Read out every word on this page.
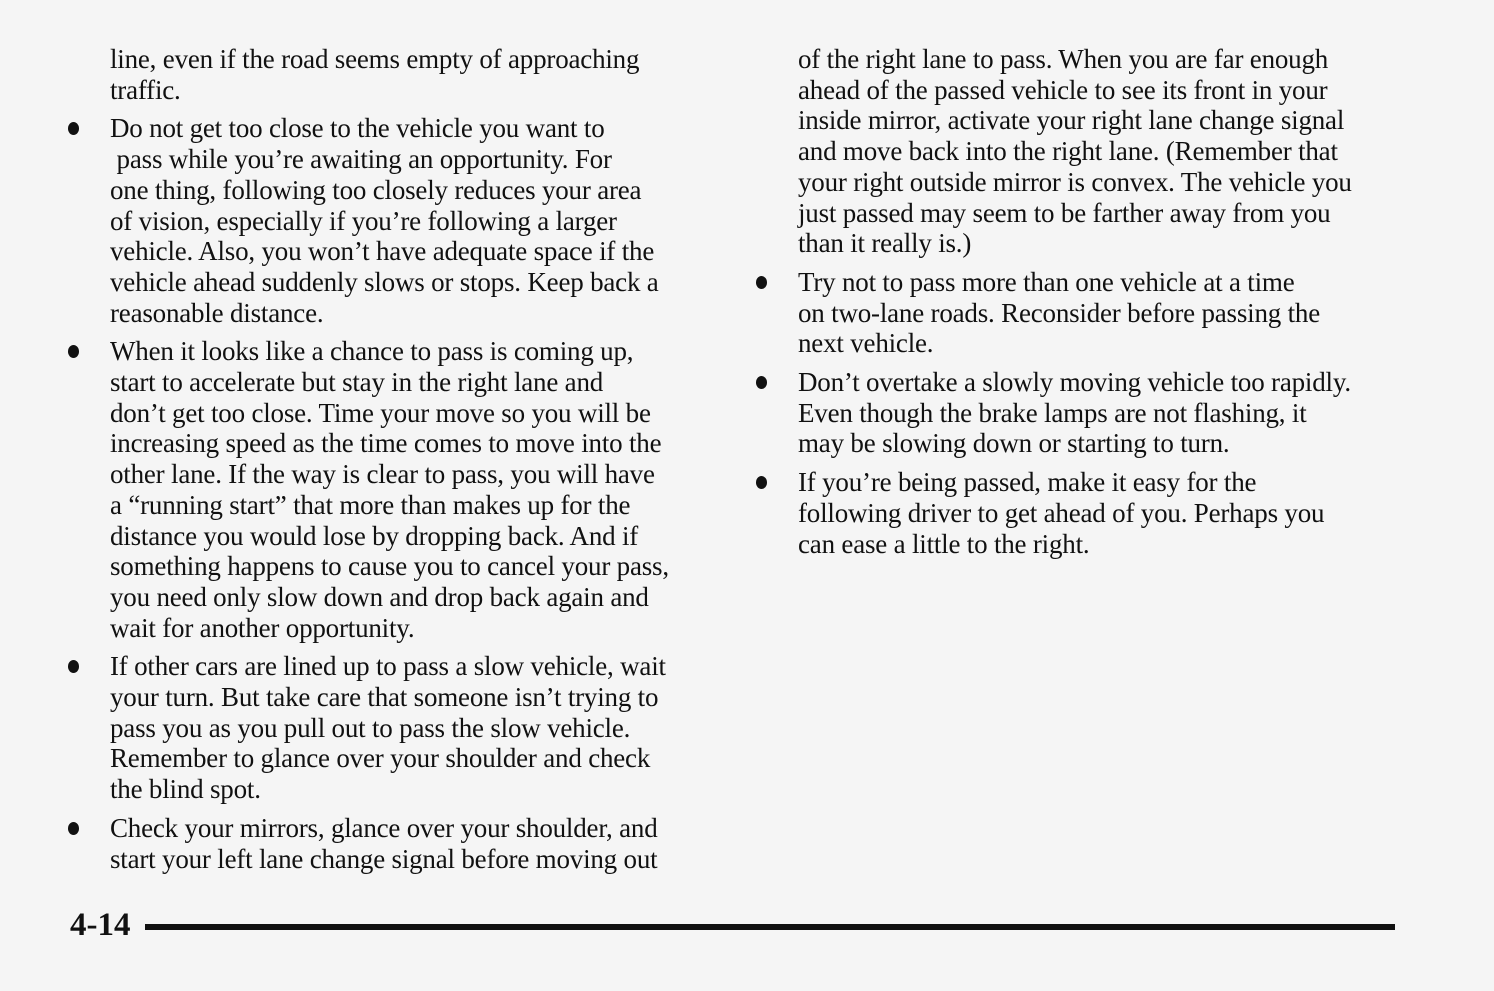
line, even if the road seems empty of approaching
traffic.

Do not get too close to the vehicle you want to
pass while you’re awaiting an opportunity. For
one thing, following too closely reduces your area
of vision, especially if you’re following a larger
vehicle. Also, you won’t have adequate space if the
vehicle ahead suddenly slows or stops. Keep back a
reasonable distance.
When it looks like a chance to pass is coming up,
start to accelerate but stay in the right lane and
don’t get too close. Time your move so you will be
increasing speed as the time comes to move into the
other lane. If the way is clear to pass, you will have
a “running start” that more than makes up for the
distance you would lose by dropping back. And if
something happens to cause you to cancel your pass,
you need only slow down and drop back again and
wait for another opportunity.
If other cars are lined up to pass a slow vehicle, wait
your turn. But take care that someone isn’t trying to
pass you as you pull out to pass the slow vehicle.
Remember to glance over your shoulder and check
the blind spot.
Check your mirrors, glance over your shoulder, and
start your left lane change signal before moving out

of the right lane to pass. When you are far enough
ahead of the passed vehicle to see its front in your
inside mirror, activate your right lane change signal
and move back into the right lane. (Remember that
your right outside mirror is convex. The vehicle you
just passed may seem to be farther away from you
than it really is.)

Try not to pass more than one vehicle at a time
on two-lane roads. Reconsider before passing the
next vehicle.
Don’t overtake a slowly moving vehicle too rapidly.
Even though the brake lamps are not flashing, it
may be slowing down or starting to turn.
If you’re being passed, make it easy for the
following driver to get ahead of you. Perhaps you
can ease a little to the right.
4-14
